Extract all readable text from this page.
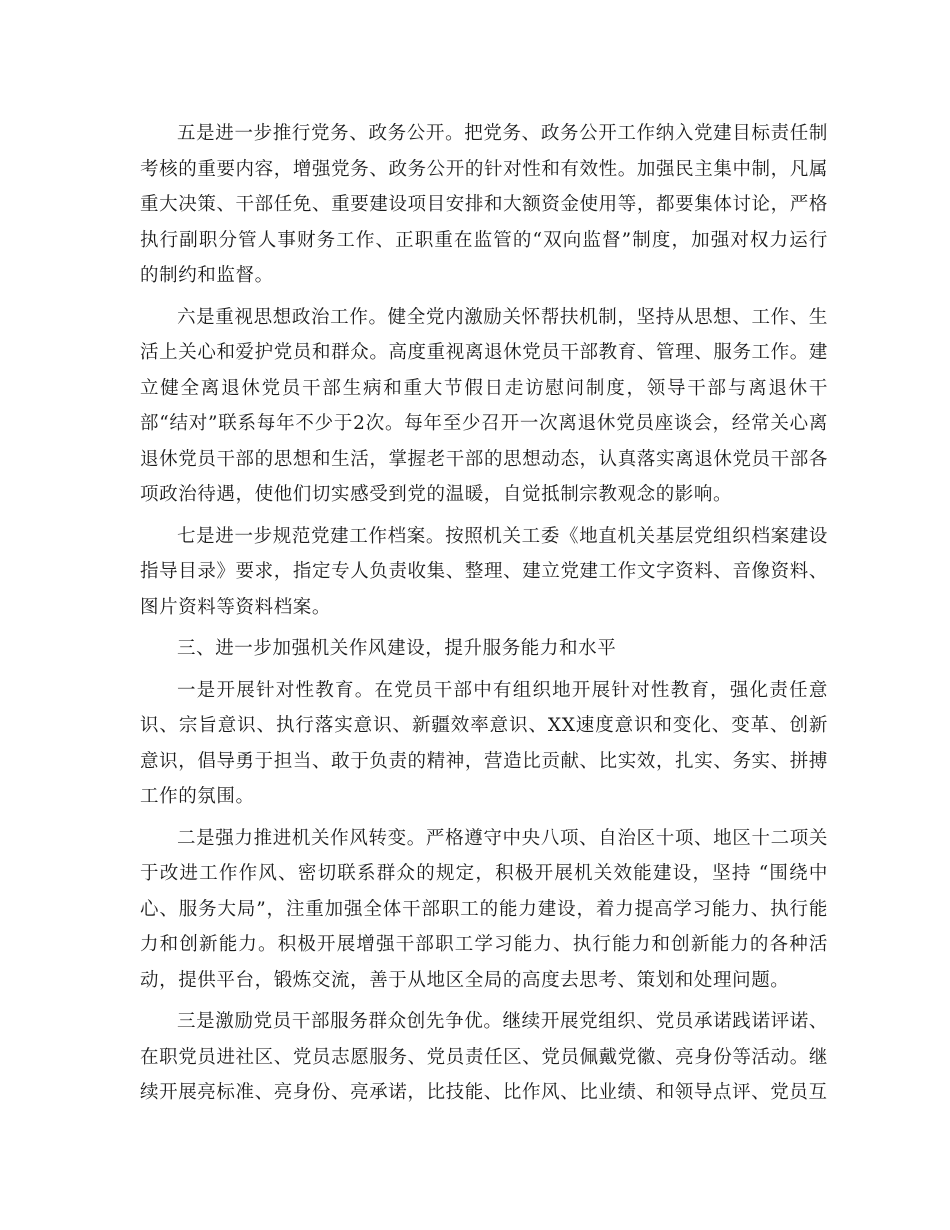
五是进一步推行党务、政务公开。把党务、政务公开工作纳入党建目标责任制考核的重要内容，增强党务、政务公开的针对性和有效性。加强民主集中制，凡属重大决策、干部任免、重要建设项目安排和大额资金使用等，都要集体讨论，严格执行副职分管人事财务工作、正职重在监管的“双向监督”制度，加强对权力运行的制约和监督。

六是重视思想政治工作。健全党内激励关怀帮扶机制，坚持从思想、工作、生活上关心和爱护党员和群众。高度重视离退休党员干部教育、管理、服务工作。建立健全离退休党员干部生病和重大节假日走访慰问制度，领导干部与离退休干部“结对”联系每年不少于2次。每年至少召开一次离退休党员座谈会，经常关心离退休党员干部的思想和生活，掌握老干部的思想动态，认真落实离退休党员干部各项政治待遇，使他们切实感受到党的温暖，自觉抵制宗教观念的影响。

七是进一步规范党建工作档案。按照机关工委《地直机关基层党组织档案建设指导目录》要求，指定专人负责收集、整理、建立党建工作文字资料、音像资料、图片资料等资料档案。

三、进一步加强机关作风建设，提升服务能力和水平

一是开展针对性教育。在党员干部中有组织地开展针对性教育，强化责任意识、宗旨意识、执行落实意识、新疆效率意识、XX速度意识和变化、变革、创新意识，倡导勇于担当、敢于负责的精神，营造比贡献、比实效，扎实、务实、拼搏工作的氛围。

二是强力推进机关作风转变。严格遵守中央八项、自治区十项、地区十二项关于改进工作作风、密切联系群众的规定，积极开展机关效能建设，坚持 “围绕中心、服务大局”，注重加强全体干部职工的能力建设，着力提高学习能力、执行能力和创新能力。积极开展增强干部职工学习能力、执行能力和创新能力的各种活动，提供平台，锻炼交流，善于从地区全局的高度去思考、策划和处理问题。

三是激励党员干部服务群众创先争优。继续开展党组织、党员承诺践诺评诺、在职党员进社区、党员志愿服务、党员责任区、党员佩戴党徽、亮身份等活动。继续开展亮标准、亮身份、亮承诺，比技能、比作风、比业绩、和领导点评、党员互
